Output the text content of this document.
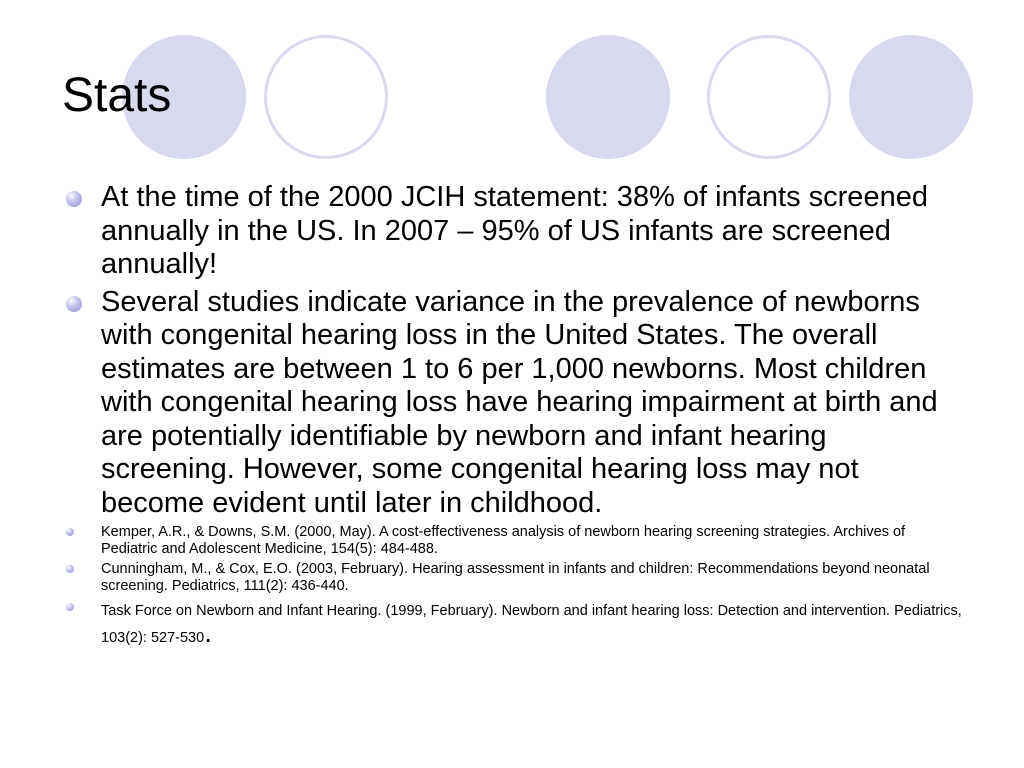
Stats
At the time of the 2000 JCIH statement: 38% of infants screened annually in the US. In 2007 – 95% of US infants are screened annually!
Several studies indicate variance in the prevalence of newborns with congenital hearing loss in the United States. The overall estimates are between 1 to 6 per 1,000 newborns. Most children with congenital hearing loss have hearing impairment at birth and are potentially identifiable by newborn and infant hearing screening. However, some congenital hearing loss may not become evident until later in childhood.
Kemper, A.R., & Downs, S.M. (2000, May). A cost-effectiveness analysis of newborn hearing screening strategies. Archives of Pediatric and Adolescent Medicine, 154(5): 484-488.
Cunningham, M., & Cox, E.O. (2003, February). Hearing assessment in infants and children: Recommendations beyond neonatal screening. Pediatrics, 111(2): 436-440.
Task Force on Newborn and Infant Hearing. (1999, February). Newborn and infant hearing loss: Detection and intervention. Pediatrics, 103(2): 527-530.
